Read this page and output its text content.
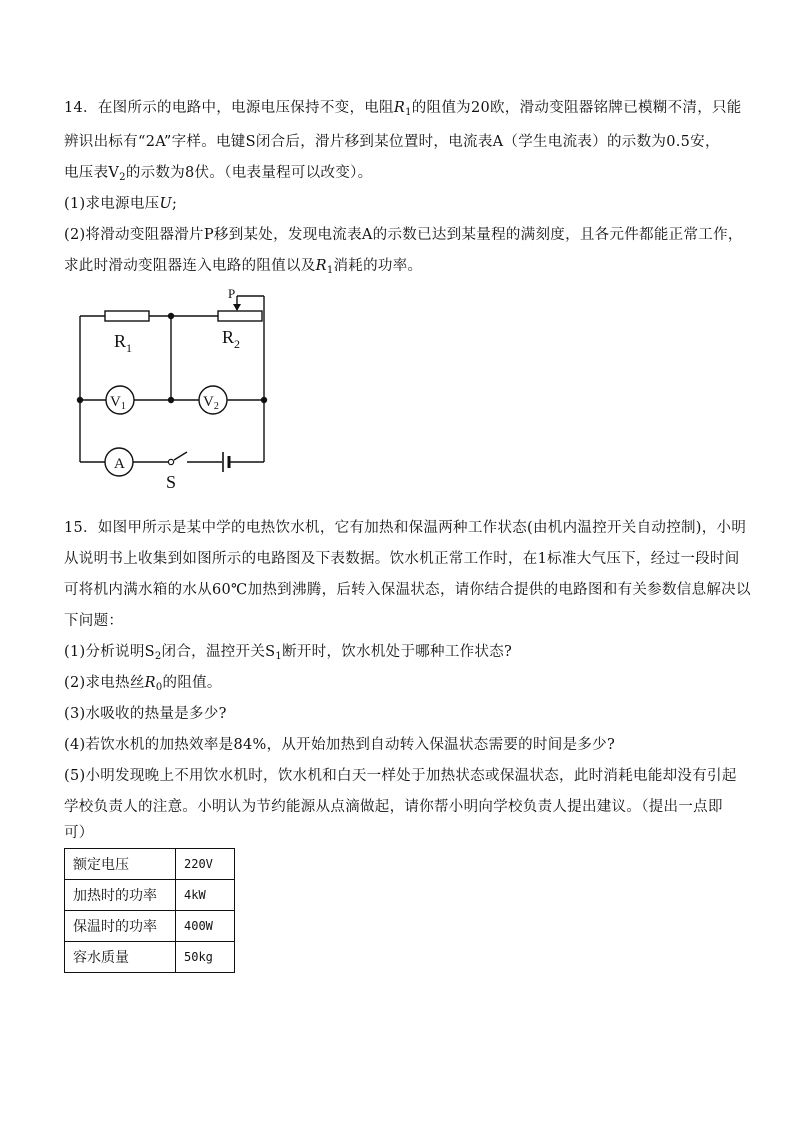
14．在图所示的电路中，电源电压保持不变，电阻$R_1$的阻值为20欧，滑动变阻器铭牌已模糊不清，只能
辨识出标有“2A”字样。电键S闭合后，滑片移到某位置时，电流表A（学生电流表）的示数为0.5安，
电压表$V_2$的示数为8伏。（电表量程可以改变）。
(1)求电源电压U;
(2)将滑动变阻器滑片P移到某处，发现电流表A的示数已达到某量程的满刻度，且各元件都能正常工作，
求此时滑动变阻器连入电路的阻值以及$R_1$消耗的功率。
$R_1$
$R_2$
P
$V_1$	$V_2$
A
S
15．如图甲所示是某中学的电热饮水机，它有加热和保温两种工作状态(由机内温控开关自动控制)，小明
从说明书上收集到如图所示的电路图及下表数据。饮水机正常工作时，在1标准大气压下，经过一段时间
可将机内满水箱的水从60℃加热到沸腾，后转入保温状态，请你结合提供的电路图和有关参数信息解决以
下问题：
(1)分析说明$S_2$闭合，温控开关$S_1$断开时，饮水机处于哪种工作状态?
(2)求电热丝$R_0$的阻值。
(3)水吸收的热量是多少?
(4)若饮水机的加热效率是84%，从开始加热到自动转入保温状态需要的时间是多少?
(5)小明发现晚上不用饮水机时，饮水机和白天一样处于加热状态或保温状态，此时消耗电能却没有引起
学校负责人的注意。小明认为节约能源从点滴做起，请你帮小明向学校负责人提出建议。（提出一点即
可）
额定电压	220V
加热时的功率	4kW
保温时的功率	400W
容水质量	50kg
